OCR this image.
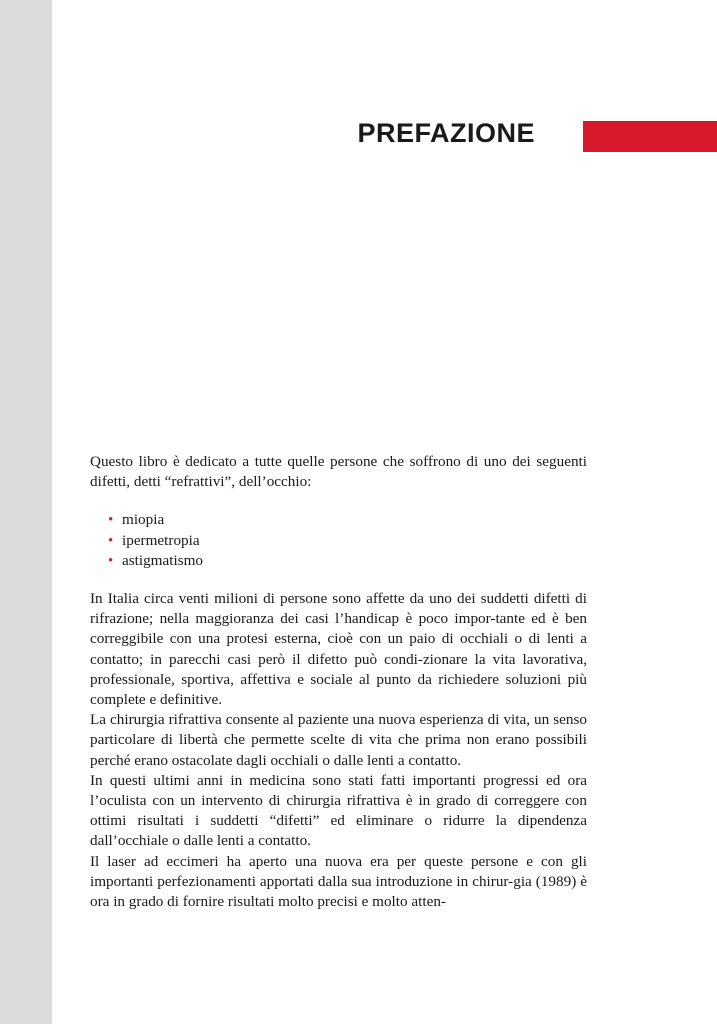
PREFAZIONE

Questo libro è dedicato a tutte quelle persone che soffrono di uno dei seguenti difetti, detti “refrattivi”, dell’occhio:

• miopia
• ipermetropia
• astigmatismo

In Italia circa venti milioni di persone sono affette da uno dei suddetti difetti di rifrazione; nella maggioranza dei casi l’handicap è poco impor-tante ed è ben correggibile con una protesi esterna, cioè con un paio di occhiali o di lenti a contatto; in parecchi casi però il difetto può condi-zionare la vita lavorativa, professionale, sportiva, affettiva e sociale al punto da richiedere soluzioni più complete e definitive.

La chirurgia rifrattiva consente al paziente una nuova esperienza di vita, un senso particolare di libertà che permette scelte di vita che prima non erano possibili perché erano ostacolate dagli occhiali o dalle lenti a contatto.

In questi ultimi anni in medicina sono stati fatti importanti progressi ed ora l’oculista con un intervento di chirurgia rifrattiva è in grado di correggere con ottimi risultati i suddetti “difetti” ed eliminare o ridurre la dipendenza dall’occhiale o dalle lenti a contatto.

Il laser ad eccimeri ha aperto una nuova era per queste persone e con gli importanti perfezionamenti apportati dalla sua introduzione in chirur-gia (1989) è ora in grado di fornire risultati molto precisi e molto atten-
